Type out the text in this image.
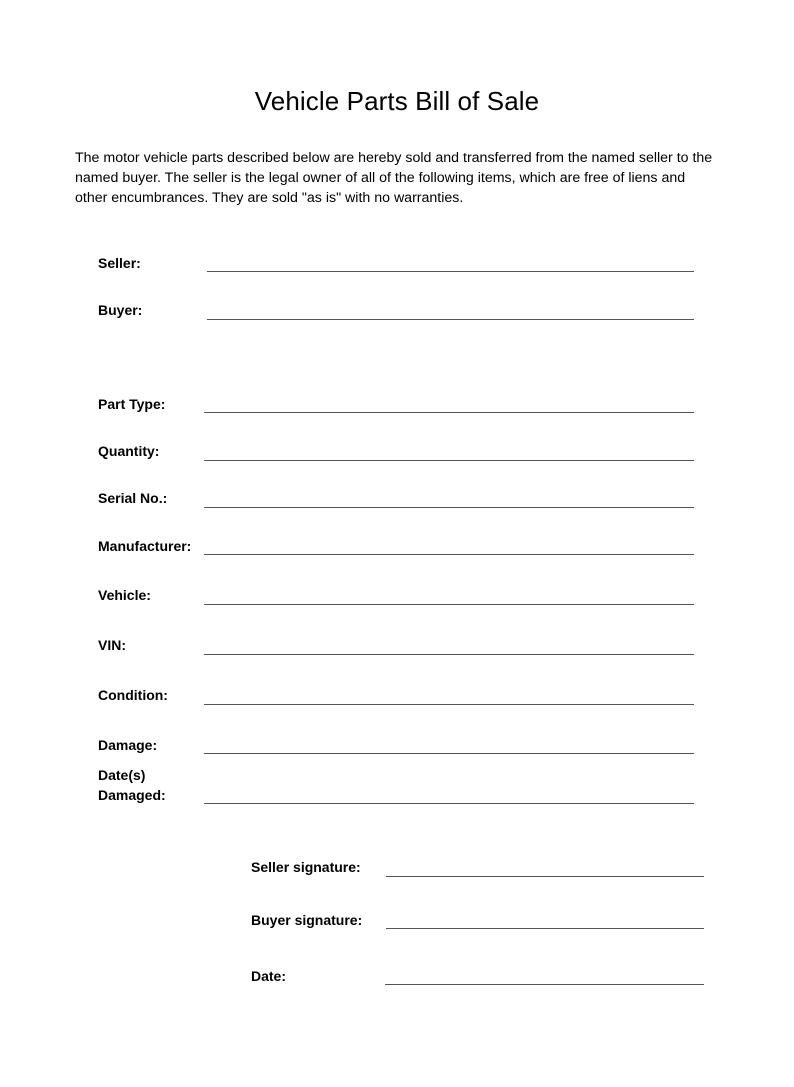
Vehicle Parts Bill of Sale
The motor vehicle parts described below are hereby sold and transferred from the named seller to the named buyer. The seller is the legal owner of all of the following items, which are free of liens and other encumbrances. They are sold "as is" with no warranties.
Seller:
Buyer:
Part Type:
Quantity:
Serial No.:
Manufacturer:
Vehicle:
VIN:
Condition:
Damage:
Date(s)
Damaged:
Seller signature:
Buyer signature:
Date:
